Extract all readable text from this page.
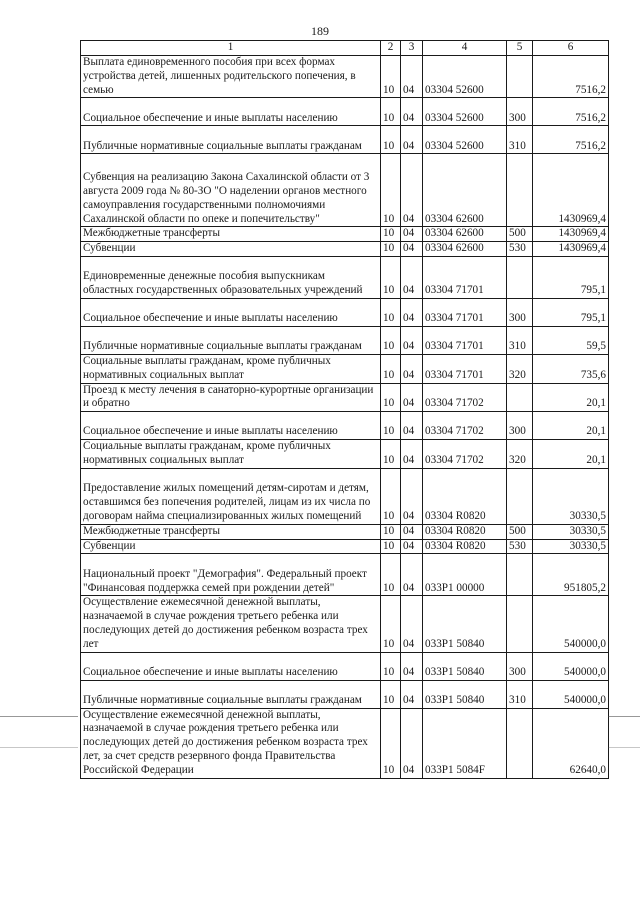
189
1	2	3	4	5	6
Выплата единовременного пособия при всех формах устройства детей, лишенных родительского попечения, в семью	10	04	03304 52600		7516,2
Социальное обеспечение и иные выплаты населению	10	04	03304 52600	300	7516,2
Публичные нормативные социальные выплаты гражданам	10	04	03304 52600	310	7516,2
Субвенция на реализацию Закона Сахалинской области от 3 августа 2009 года № 80-ЗО "О наделении органов местного самоуправления государственными полномочиями Сахалинской области по опеке и попечительству"	10	04	03304 62600		1430969,4
Межбюджетные трансферты	10	04	03304 62600	500	1430969,4
Субвенции	10	04	03304 62600	530	1430969,4
Единовременные денежные пособия выпускникам областных государственных образовательных учреждений	10	04	03304 71701		795,1
Социальное обеспечение и иные выплаты населению	10	04	03304 71701	300	795,1
Публичные нормативные социальные выплаты гражданам	10	04	03304 71701	310	59,5
Социальные выплаты гражданам, кроме публичных нормативных социальных выплат	10	04	03304 71701	320	735,6
Проезд к месту лечения в санаторно-курортные организации и обратно	10	04	03304 71702		20,1
Социальное обеспечение и иные выплаты населению	10	04	03304 71702	300	20,1
Социальные выплаты гражданам, кроме публичных нормативных социальных выплат	10	04	03304 71702	320	20,1
Предоставление жилых помещений детям-сиротам и детям, оставшимся без попечения родителей, лицам из их числа по договорам найма специализированных жилых помещений	10	04	03304 R0820		30330,5
Межбюджетные трансферты	10	04	03304 R0820	500	30330,5
Субвенции	10	04	03304 R0820	530	30330,5
Национальный проект "Демография". Федеральный проект "Финансовая поддержка семей при рождении детей"	10	04	033P1 00000		951805,2
Осуществление ежемесячной денежной выплаты, назначаемой в случае рождения третьего ребенка или последующих детей до достижения ребенком возраста трех лет	10	04	033P1 50840		540000,0
Социальное обеспечение и иные выплаты населению	10	04	033P1 50840	300	540000,0
Публичные нормативные социальные выплаты гражданам	10	04	033P1 50840	310	540000,0
Осуществление ежемесячной денежной выплаты, назначаемой в случае рождения третьего ребенка или последующих детей до достижения ребенком возраста трех лет, за счет средств резервного фонда Правительства Российской Федерации	10	04	033P1 5084F		62640,0
